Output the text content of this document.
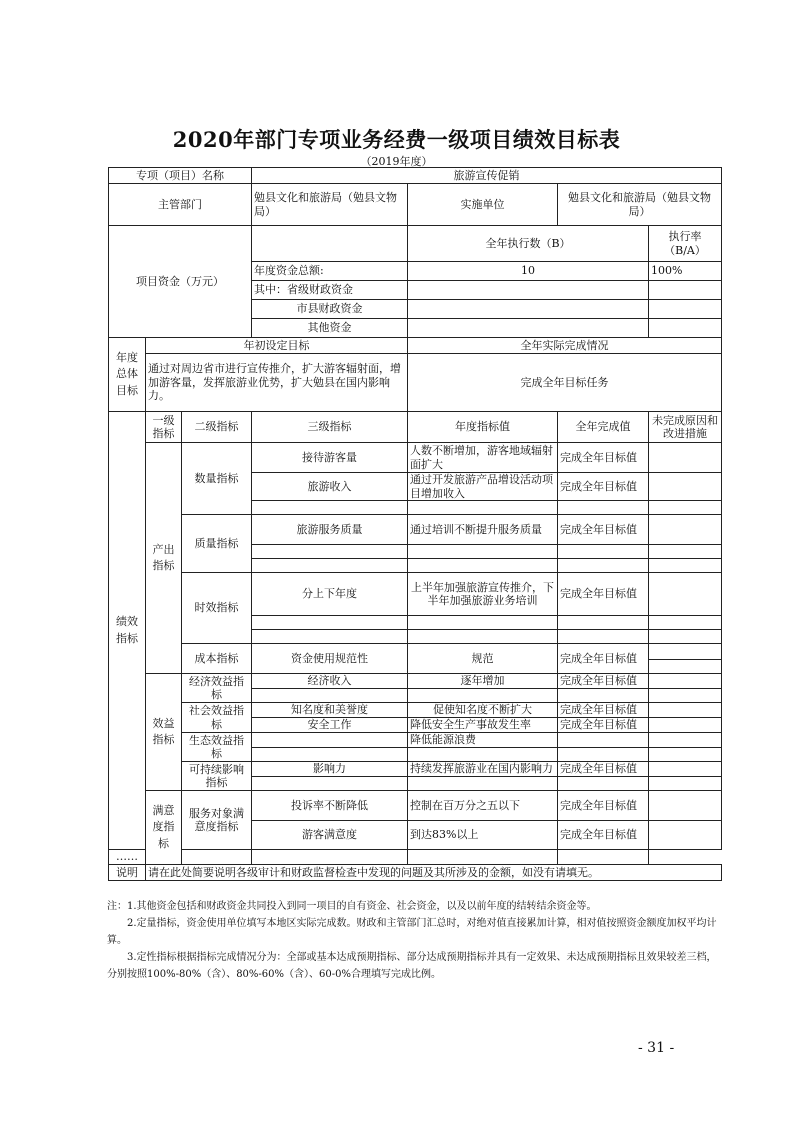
2020年部门专项业务经费一级项目绩效目标表
（2019年度）
专项（项目）名称			旅游宣传促销			
主管部门			勉县文化和旅游局（勉县文物局）	实施单位	勉县文化和旅游局（勉县文物局）	
项目资金（万元）				全年执行数（B）		执行率（B/A）
			年度资金总额:	10		100%
			其中：省级财政资金			
			市县财政资金			
			其他资金			
年度总体目标	年初设定目标			全年实际完成情况		
	通过对周边省市进行宣传推介，扩大游客辐射面，增加游客量，发挥旅游业优势，扩大勉县在国内影响力。			完成全年目标任务		
绩效指标	一级指标	二级指标	三级指标	年度指标值	全年完成值	未完成原因和改进措施
	产出指标	数量指标	接待游客量	人数不断增加，游客地域辐射面扩大	完成全年目标值	
			旅游收入	通过开发旅游产品增设活动项目增加收入	完成全年目标值	

		质量指标	旅游服务质量	通过培训不断提升服务质量	完成全年目标值	

		时效指标	分上下年度	上半年加强旅游宣传推介，下半年加强旅游业务培训	完成全年目标值	

		成本指标	资金使用规范性	规范	完成全年目标值	

	效益指标	经济效益指标	经济收入	逐年增加	完成全年目标值	

		社会效益指标	知名度和美誉度	促使知名度不断扩大	完成全年目标值	
			安全工作	降低安全生产事故发生率	完成全年目标值	
		生态效益指标		降低能源浪费		

		可持续影响指标	影响力	持续发挥旅游业在国内影响力	完成全年目标值	

	满意度指标	服务对象满意度指标	投诉率不断降低	控制在百万分之五以下	完成全年目标值	
			游客满意度	到达83%以上	完成全年目标值	
……						
说明	请在此处简要说明各级审计和财政监督检查中发现的问题及其所涉及的金额，如没有请填无。					

注：1.其他资金包括和财政资金共同投入到同一项目的自有资金、社会资金，以及以前年度的结转结余资金等。

2.定量指标，资金使用单位填写本地区实际完成数。财政和主管部门汇总时，对绝对值直接累加计算，相对值按照资金额度加权平均计算。

3.定性指标根据指标完成情况分为：全部或基本达成预期指标、部分达成预期指标并具有一定效果、未达成预期指标且效果较差三档，分别按照100%-80%（含）、80%-60%（含）、60-0%合理填写完成比例。

- 31 -
